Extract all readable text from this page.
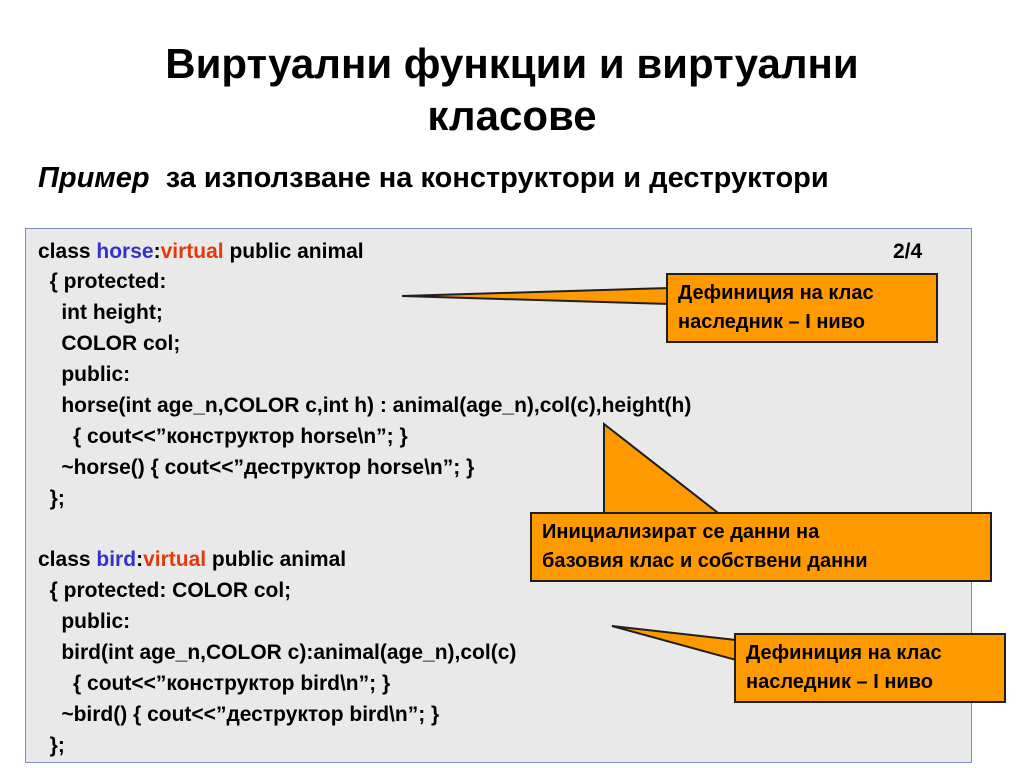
Виртуални функции и виртуални
класове
Пример  за използване на конструктори и деструктори
2/4
class horse:virtual public animal
{ protected:
int height;
COLOR col;
public:
horse(int age_n,COLOR c,int h) : animal(age_n),col(c),height(h)
{ cout<<”конструктор horse\n”; }
~horse() { cout<<”деструктор horse\n”; }
};
class bird:virtual public animal
{ protected: COLOR col;
public:
bird(int age_n,COLOR c):animal(age_n),col(c)
{ cout<<”конструктор bird\n”; }
~bird() { cout<<”деструктор bird\n”; }
};
Дефиниция на клас
наследник – I ниво
Инициализират се данни на
базовия клас и собствени данни
Дефиниция на клас
наследник – I ниво
